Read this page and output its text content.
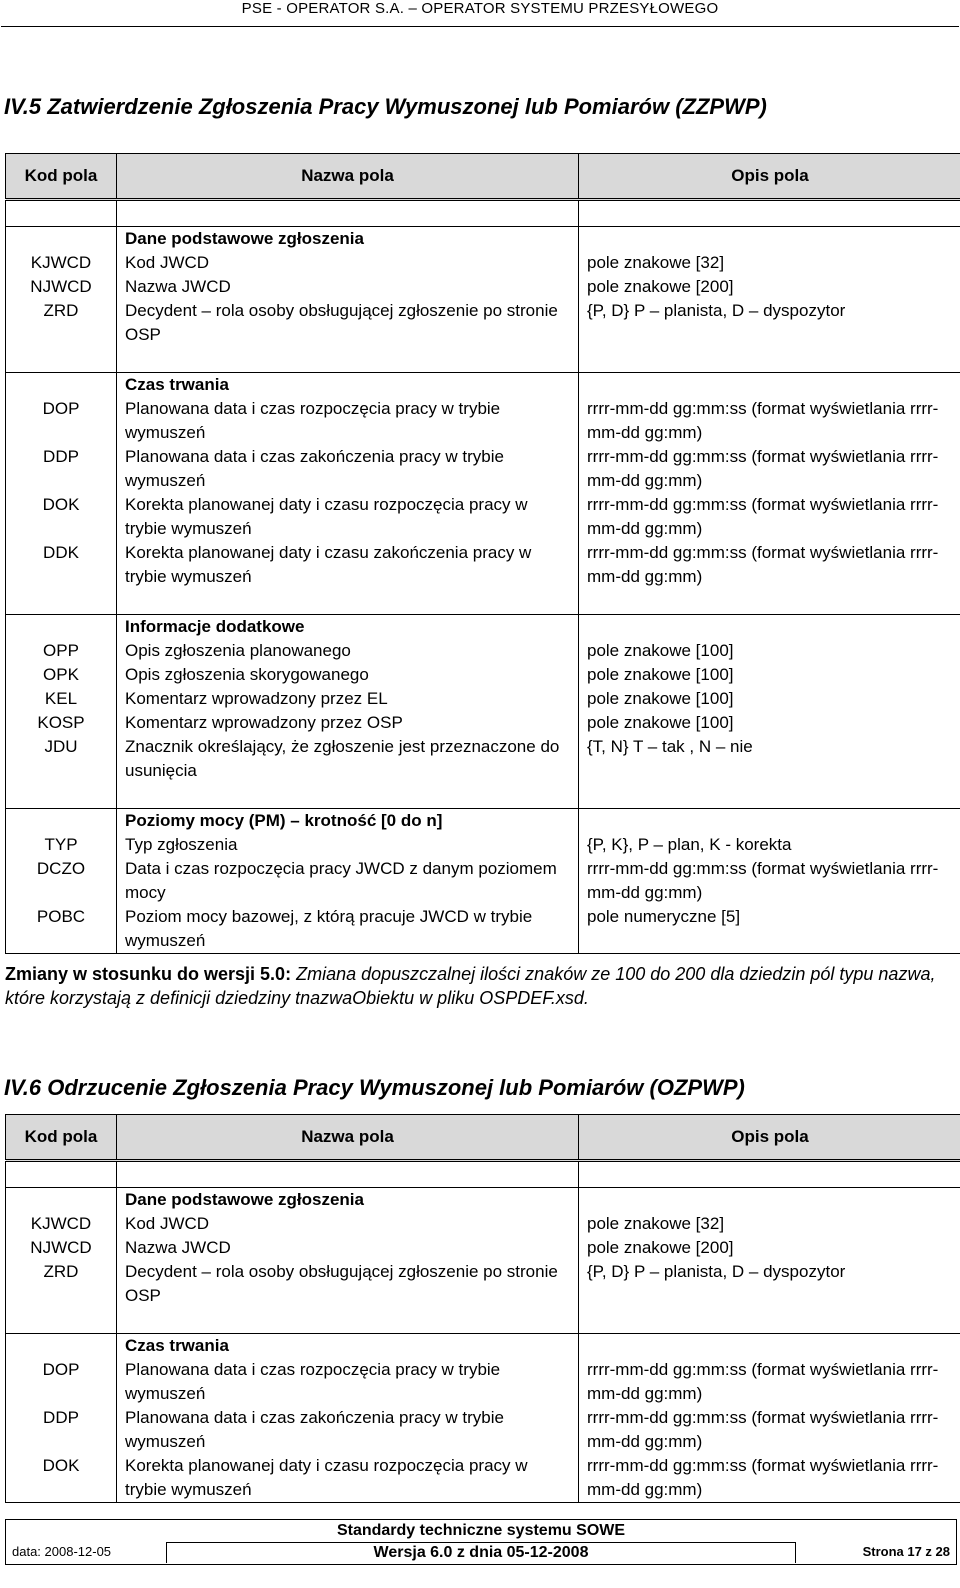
PSE - OPERATOR S.A. – OPERATOR SYSTEMU PRZESYŁOWEGO
IV.5 Zatwierdzenie Zgłoszenia Pracy Wymuszonej lub Pomiarów (ZZPWP)
Kod pola	Nazwa pola	Opis pola

	Dane podstawowe zgłoszenia	
KJWCD	Kod JWCD	pole znakowe [32]
NJWCD	Nazwa JWCD	pole znakowe [200]
ZRD	Decydent – rola osoby obsługującej zgłoszenie po stronie OSP	{P, D} P – planista, D – dyspozytor

	Czas trwania	
DOP	Planowana data i czas rozpoczęcia pracy w trybie wymuszeń	rrrr-mm-dd gg:mm:ss (format wyświetlania rrrr-mm-dd gg:mm)
DDP	Planowana data i czas zakończenia pracy w trybie wymuszeń	rrrr-mm-dd gg:mm:ss (format wyświetlania rrrr-mm-dd gg:mm)
DOK	Korekta planowanej daty i czasu rozpoczęcia pracy w trybie wymuszeń	rrrr-mm-dd gg:mm:ss (format wyświetlania rrrr-mm-dd gg:mm)
DDK	Korekta planowanej daty i czasu zakończenia pracy w trybie wymuszeń	rrrr-mm-dd gg:mm:ss (format wyświetlania rrrr-mm-dd gg:mm)

	Informacje dodatkowe	
OPP	Opis zgłoszenia planowanego	pole znakowe [100]
OPK	Opis zgłoszenia skorygowanego	pole znakowe [100]
KEL	Komentarz wprowadzony przez EL	pole znakowe [100]
KOSP	Komentarz wprowadzony przez OSP	pole znakowe [100]
JDU	Znacznik określający, że zgłoszenie jest przeznaczone do usunięcia	{T, N} T – tak , N – nie

	Poziomy mocy (PM) – krotność [0 do n]	
TYP	Typ zgłoszenia	{P, K}, P – plan, K - korekta
DCZO	Data i czas rozpoczęcia pracy JWCD z danym poziomem mocy	rrrr-mm-dd gg:mm:ss (format wyświetlania rrrr-mm-dd gg:mm)
POBC	Poziom mocy bazowej, z którą pracuje JWCD w trybie wymuszeń	pole numeryczne [5]
Zmiany w stosunku do wersji 5.0: Zmiana dopuszczalnej ilości znaków ze 100 do 200 dla dziedzin pól typu nazwa, które korzystają z definicji dziedziny tnazwaObiektu w pliku OSPDEF.xsd.
IV.6 Odrzucenie Zgłoszenia Pracy Wymuszonej lub Pomiarów (OZPWP)
Kod pola	Nazwa pola	Opis pola

	Dane podstawowe zgłoszenia	
KJWCD	Kod JWCD	pole znakowe [32]
NJWCD	Nazwa JWCD	pole znakowe [200]
ZRD	Decydent – rola osoby obsługującej zgłoszenie po stronie OSP	{P, D} P – planista, D – dyspozytor

	Czas trwania	
DOP	Planowana data i czas rozpoczęcia pracy w trybie wymuszeń	rrrr-mm-dd gg:mm:ss (format wyświetlania rrrr-mm-dd gg:mm)
DDP	Planowana data i czas zakończenia pracy w trybie wymuszeń	rrrr-mm-dd gg:mm:ss (format wyświetlania rrrr-mm-dd gg:mm)
DOK	Korekta planowanej daty i czasu rozpoczęcia pracy w trybie wymuszeń	rrrr-mm-dd gg:mm:ss (format wyświetlania rrrr-mm-dd gg:mm)
Standardy techniczne systemu SOWE
data: 2008-12-05	Wersja 6.0 z dnia 05-12-2008	Strona 17 z 28
